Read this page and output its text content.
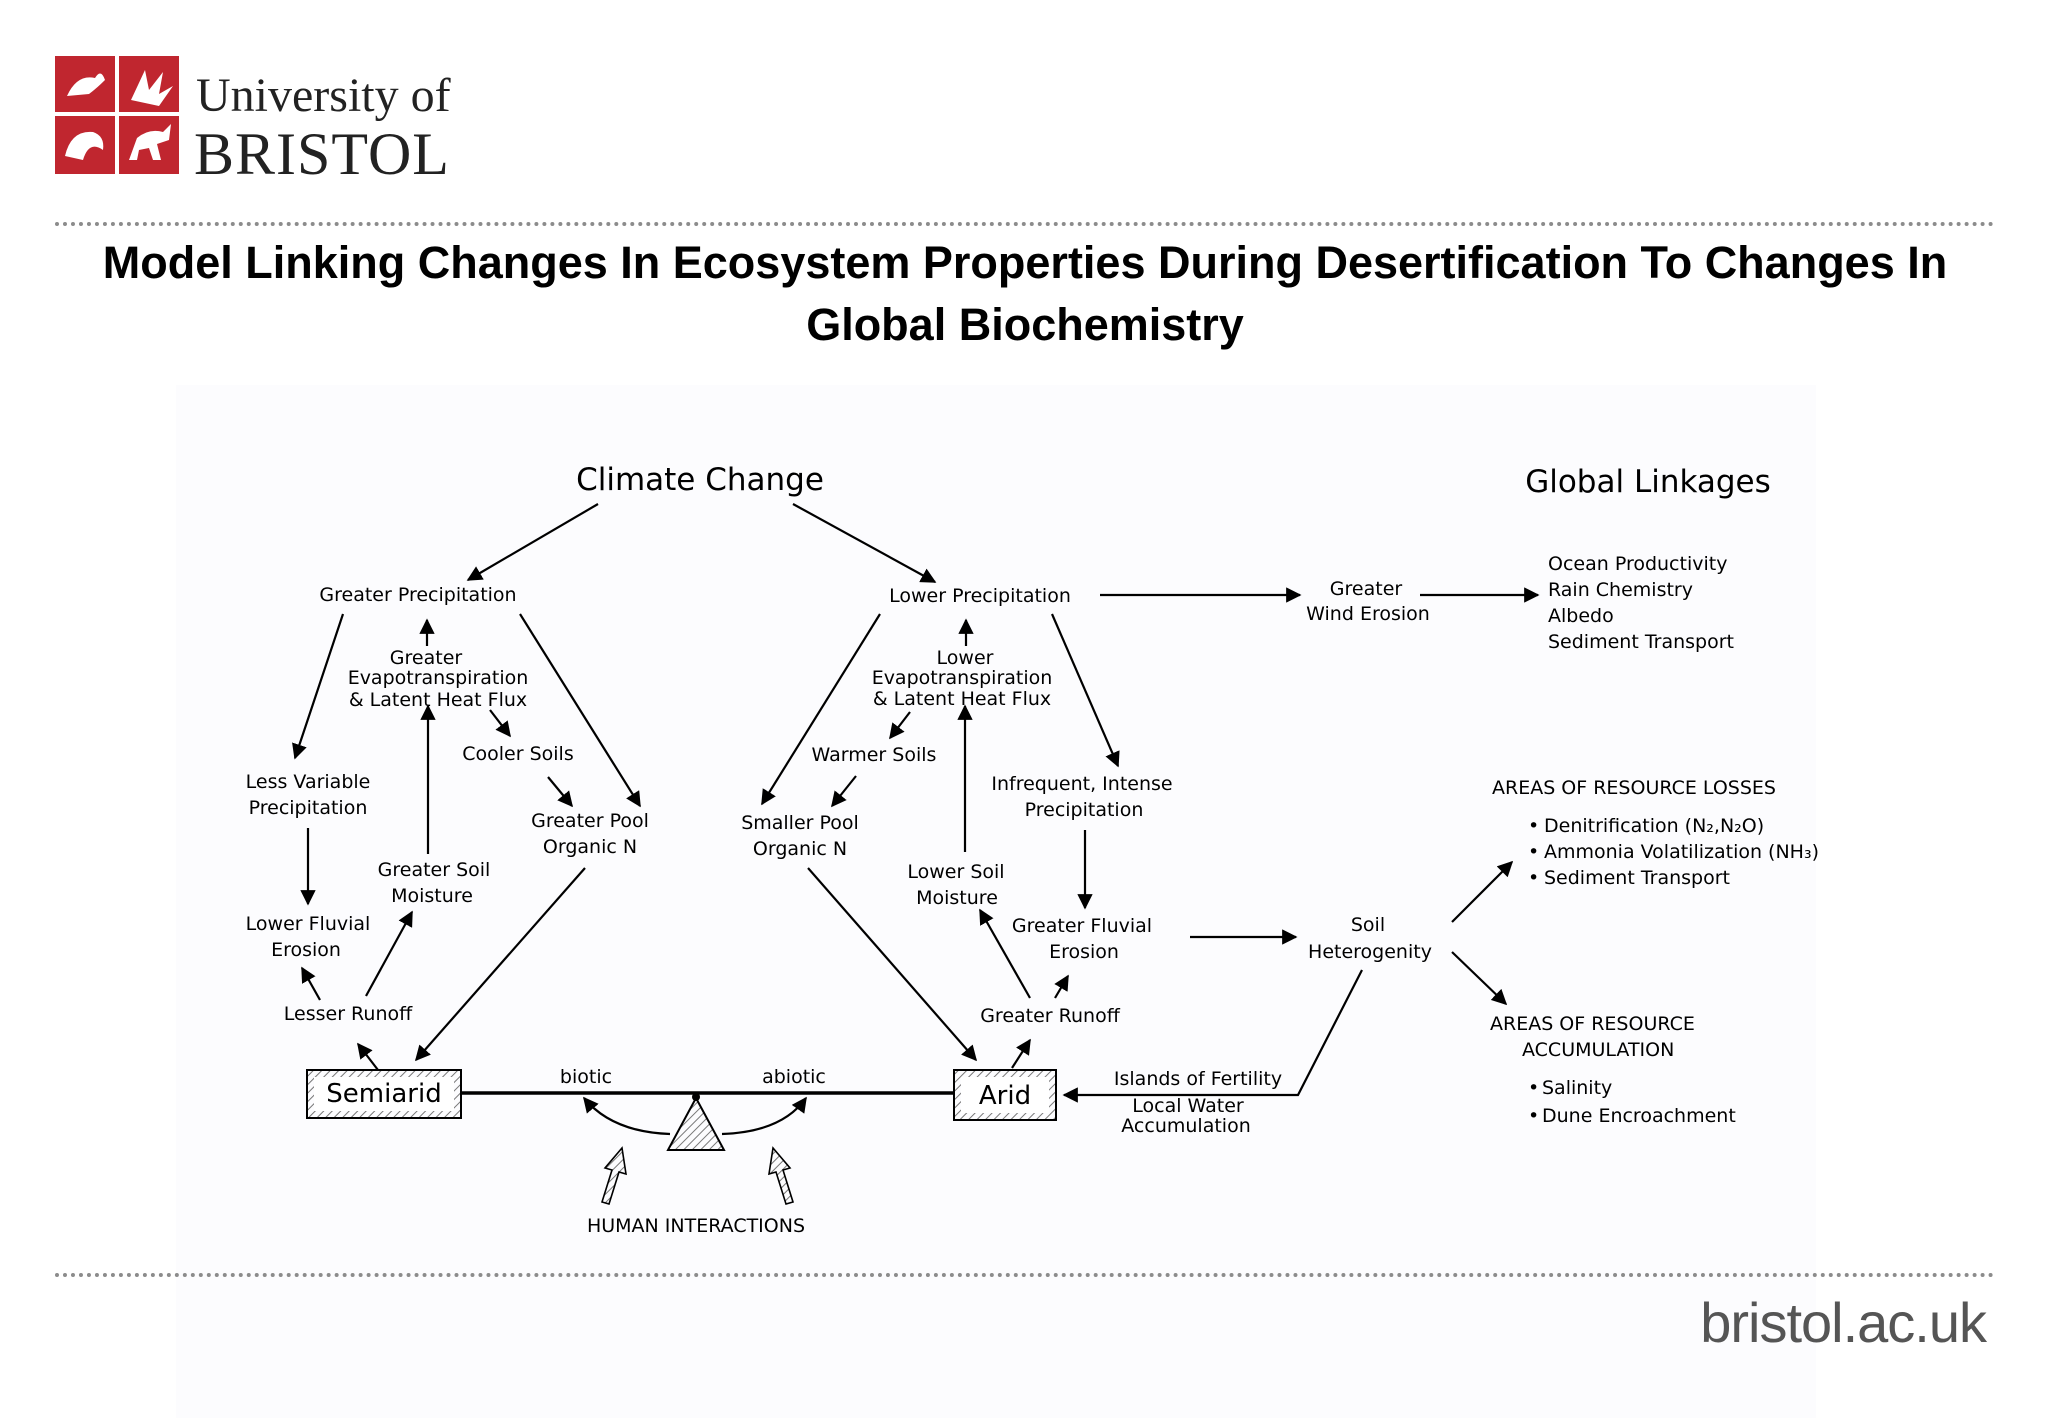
University of
BRISTOL
Model Linking Changes In Ecosystem Properties During Desertification To Changes In
Global Biochemistry
Climate Change	Global Linkages
Greater Precipitation	Lower Precipitation	Greater
Wind Erosion
Greater
Evapotranspiration
& Latent Heat Flux
Lower
Evapotranspiration
& Latent Heat Flux
Cooler Soils	Warmer Soils
Less Variable
Precipitation
Greater Pool
Organic N
Smaller Pool
Organic N
Infrequent, Intense
Precipitation
Greater Soil
Moisture
Lower Soil
Moisture
Lower Fluvial
Erosion
Greater Fluvial
Erosion
Soil
Heterogenity
Lesser Runoff	Greater Runoff
biotic	abiotic	Islands of Fertility
Local Water
Accumulation
HUMAN INTERACTIONS
Semiarid	Arid
Ocean Productivity
Rain Chemistry
Albedo
Sediment Transport
AREAS OF RESOURCE LOSSES
• Denitrification (N₂,N₂O)
• Ammonia Volatilization (NH₃)
• Sediment Transport
AREAS OF RESOURCE
ACCUMULATION
• Salinity
• Dune Encroachment
bristol.ac.uk
